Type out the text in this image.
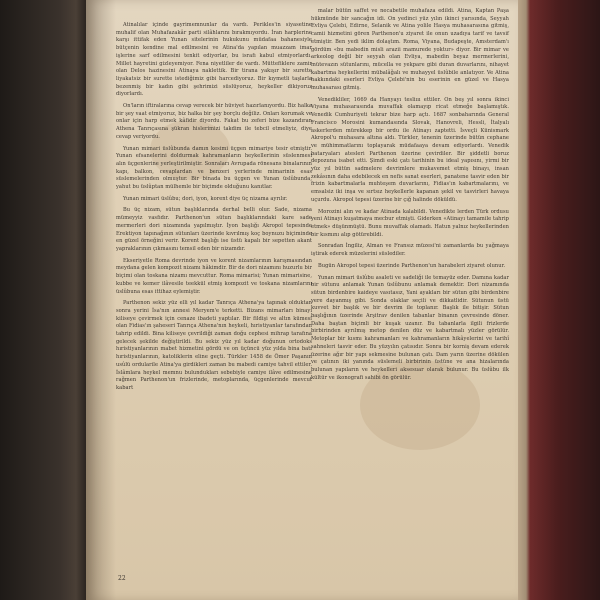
Atinalılar içinde gayrimemnunlar da vardı. Perikles'in siyasetine muhalif olan Muhafazakâr parti silâhlarını bırakmıyordu. İran harplerine karşı ittifak eden Yunan sitelerinin hukukunu müdafaa bahanesiyle bütçenin kendine mal edilmesini ve Atina'da yapılan muazzam imar işlerine sarf edilmesini tenkit ediyorlar, bu israfı kabul etmiyorlardı. Millet hayretini gizleyemiyor. Fena niyetliler de vardı. Müttefiklere zamir olan Delos hazinesini Atinaya naklettik. Bir tirana yakışır bir surette liyakatsiz bir surette istediğimiz gibi harcediyoruz. Bir kıymetli taşlarla bezenmiş bir kadın gibi şehrimizi süslüyoruz, heykeller dikiyoruz diyorlardı.

On'ların iftiralarına cevap verecek bir hüviyet hazırlanıyordu. Biz halka bir şey vaat etmiyoruz, biz halka bir şey borçlu değiliz. Onları korumak ve onlar için harp etmek kâfidir diyordu. Fakat bu zeferi bize kazandıran Athena Tanrıçasına şükran hislerimizi takdim ile tebcil etmeliyiz, diye cevap veriyordu.

Yunan mimari üslûbunda damın kesimi üçgen mimariye tesir etmiştir. Yunan efsanelerini doldurmak kahramanların heykellerinin süslenmesi alın üçgenlerine yerleştirilmiştir. Sonraları Avrupada rönesans binalarının kapı, balkon, cevaplardan ve benzeri yerlerinde mimarinin esas süslemelerinden olmuştur. Bir binada bu üçgen ve Yunan üslûbunda, yahut bu üslûptan mülhemle bir biçimde olduğunu kanıtlar.

Yunan mimari üslûbu; dori, iyon, korent diye üç nizama ayrılır.

Bu üç nizam, sütun başlıklarında derhal belli olur. Sade, nizama mümeyyiz vasfıdır. Parthenon'un sütun başlıklarındaki kare sade mermerleri dori nizamında yapılmıştır. İyon başlığı Akropol tepesinde Erektiyon tapınağının sütunları üzerinde kıvrılmış koç boynuzu biçiminde en güzel örneğini verir. Korent başlığı ise üstü kapalı bir sepetten akant yapraklarının çıkmasını temsil eden bir nizamdır.

Ekseriyetle Roma devrinde iyon ve korent nizamlarının karışmasından meydana gelen kompozit nizamı hâkimdir. Bir de dori nizamını huzurlu bir biçimi olan toskana nizamı mevcuttur. Roma mimarisi; Yunan mimarisine, kubbe ve kemer ilâvesile teekkül etmiş kompozit ve toskana nizamlarını üslûbuna esas ittihaz eylemiştir.

Parthenon sekiz yüz elli yıl kadar Tanrıça Athena'ya tapınak olduktan sonra yerini İsa'nın annesi Meryem'e terketti. Bizans mimarları binayı kiliseye çevirmek için cenaze ibadeti yaptılar. Bir fildişi ve altın kümesi olan Fidias'ın şaheseri Tanrıça Athena'nın heykeli, hıristiyanlar tarafından tahrip edildi. Bina kiliseye çevrildiği zaman doğu cephesi mihrap tarafına gelecek şekilde değiştirildi. Bu sekiz yüz yıl kadar doğunun ortodoks hıristiyanlarının mabet hizmetini gördü ve on üçüncü yüz yılda bina batı hıristiyanlarının, katoliklerin eline geçti. Türkler 1458 de Ömer Paşanın usûlü ordularile Atina'ya girdikleri zaman bu mabedi camiye tahvil ettiler. İslâmlara heykel memnu bulundukları sebebiyle camiye ilâve edilmesine rağmen Parthenon'un frizlerinde, metoplarında, üçgenlerinde mevcut kabart

malar bütün saffet ve necabetile muhafaza edildi. Atina, Kaptan Paşa hükmünde bir sancağın idi. On yedinci yüz yılın ikinci yarısında, Seyyah Evliya Çelebi, Edirne, Selanik ve Atina yolile Hasya muhasarasına gitmiş, camii hizmetini gören Parthenon'u ziyaret ile onun uzadıya tarif ve tavsif etmiştir. Ben yedi iklim dolaştım. Roma, Viyana, Budapeşte, Amsterdam'ı gördüm «bu mabedin misli arazii mamurede yoktur» diyor. Bir mimar ve arkeolog değil bir seyyah olan Evliya, mabedin beyaz mermerlerini, mütevazın sütunlarını, mücella ve yekpare gibi duran duvarlarını, nihayet kabartma heykellerini mübalâğalı ve muhayyel üslûbile anlatıyor. Ve Atina hakkındaki eserleri Evliya Çelebi'nin bu eserinin en güzel ve Hasya muhasarası gitmiş.

Venedikliler, 1669 da Hanyayı tesliııı ettiler. On beş yıl sonra ikinci Viyana muhasarasında muvaffak olamayıp ricat etmeğe başlamıştık. Venedik Cumhuriyeti tekrar bize harp açtı. 1687 sonbaharında General Francisco Morosini kumandasında Slovak, Hanovreli, Hessli, İtalyalı askerlerden mürekkep bir ordu ile Atinayı zaptetti. İsveçli Künismark Akropol'u muhasara altına aldı. Türkler, tenenin üzerinde bütün cephane ve mühimmatlarını toplayarak müdafaaya devam ediyorlardı. Venedik bataryaları atesleri Parthenon üzerine çevirdiler. Bir şiddetli boruz depozuna isabet etti. Şimdi eski çatı tarihinin bu ideal yapısını, yirmi bir yüz yıl bütün sadmelere devrimlere mukavemet etmiş binayı, insan zekâsının daha edebilecek en nefis sanat eserleri, panatene tasvir eden bir frizin kabartmalarla muhteşem duvarlarını, Fidias'ın kabartmalarını, ve emsalsiz iki inşa ve sırtsız heykellerle kapanan şekil ve tasvirleri havaya uçurdu. Akropol tepesi üzerine bir çığ halinde döküldü.

Morozini alın ve kadar Atinada kalabildi. Venedikte lerden Türk ordusu yeni Atinayı kuşatmaya mecbur etmişti. Giderken «Atinayı tamamile tahrip etmek» düşünmüştü. Bunu muvaffak olamadı. Hatun yalnız heykellerinden bir kısmını alıp götürebildi.

Sonradan İngiliz, Alman ve Fransız müzesi'ni zamanlarda bu yağmaya iştirak ederek müzelerini süslediler.

Bugün Akropol tepesi üzerinde Parthenon'un harabeleri ziyaret olunur.

Yunan mimari üslûbu asaleti ve sadeliği ile temayüz eder. Damına kadar bir sütunu anlamak Yunan üslûbunu anlamak demektir. Dori nizamında sütun birdenbire kaideye vasıtasız, Yani ayakları bir sütun gibi birdenbire yere dayanmış gibi. Sonda olaklar seçili ve dikkatlidir. Sütunun üstü kuvvet bir başlık ve bir devrim ile toplanır. Başlık ile bitişir. Sütun başlığının üzerinde Arşitrav denilen tabanlar binanın çevresinde döner. Daha baştan biçimli bir kuşak uzanır. Bu tabanlarla ilgili frizlerde birbirinden ayrılmış metop denilen düz ve kabartmalı yüzler görülür. Metoplar bir kısmı kahramanları ve kahramanların hikâyelerini ve tarihî sahneleri tasvir eder. Bu yüzyılın çatısıdır. Sonra bir korniş devam ederek üzerine ağır bir yapı sekmesine bulunan çatı. Dam yarın üzerine dökülen ve çatının iki yanında süslemeli birbirinin üstüne ve ana hizalarında bulunan yapıların ve heykelleri aksesuar olarak bulunur. Bu üslûbu ilk kültür ve ikonografi sahibi ön görülür.

22
